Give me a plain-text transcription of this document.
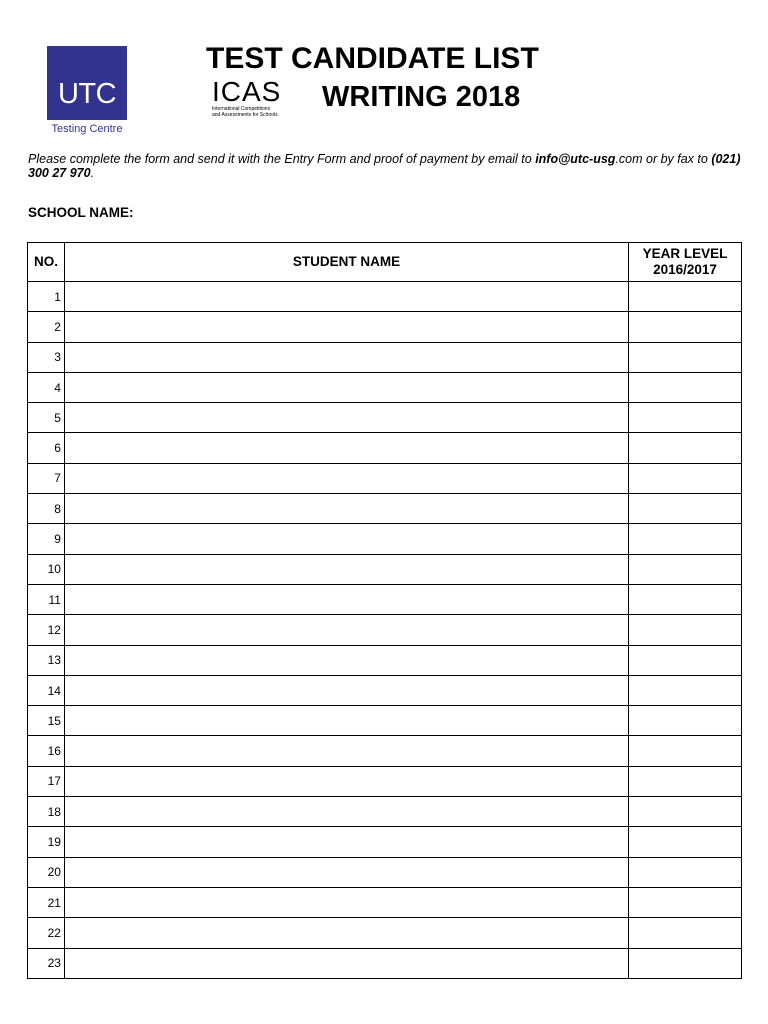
UTC
Testing Centre
TEST CANDIDATE LIST
ICAS
International Competitions
and Assessments for Schools
WRITING 2018
Please complete the form and send it with the Entry Form and proof of payment by email to info@utc-usg.com or by fax to (021) 300 27 970.
SCHOOL NAME:
NO.	STUDENT NAME	YEAR LEVEL
2016/2017

1		
2		
3		
4		
5		
6		
7		
8		
9		
10		
11		
12		
13		
14		
15		
16		
17		
18		
19		
20		
21		
22		
23		
